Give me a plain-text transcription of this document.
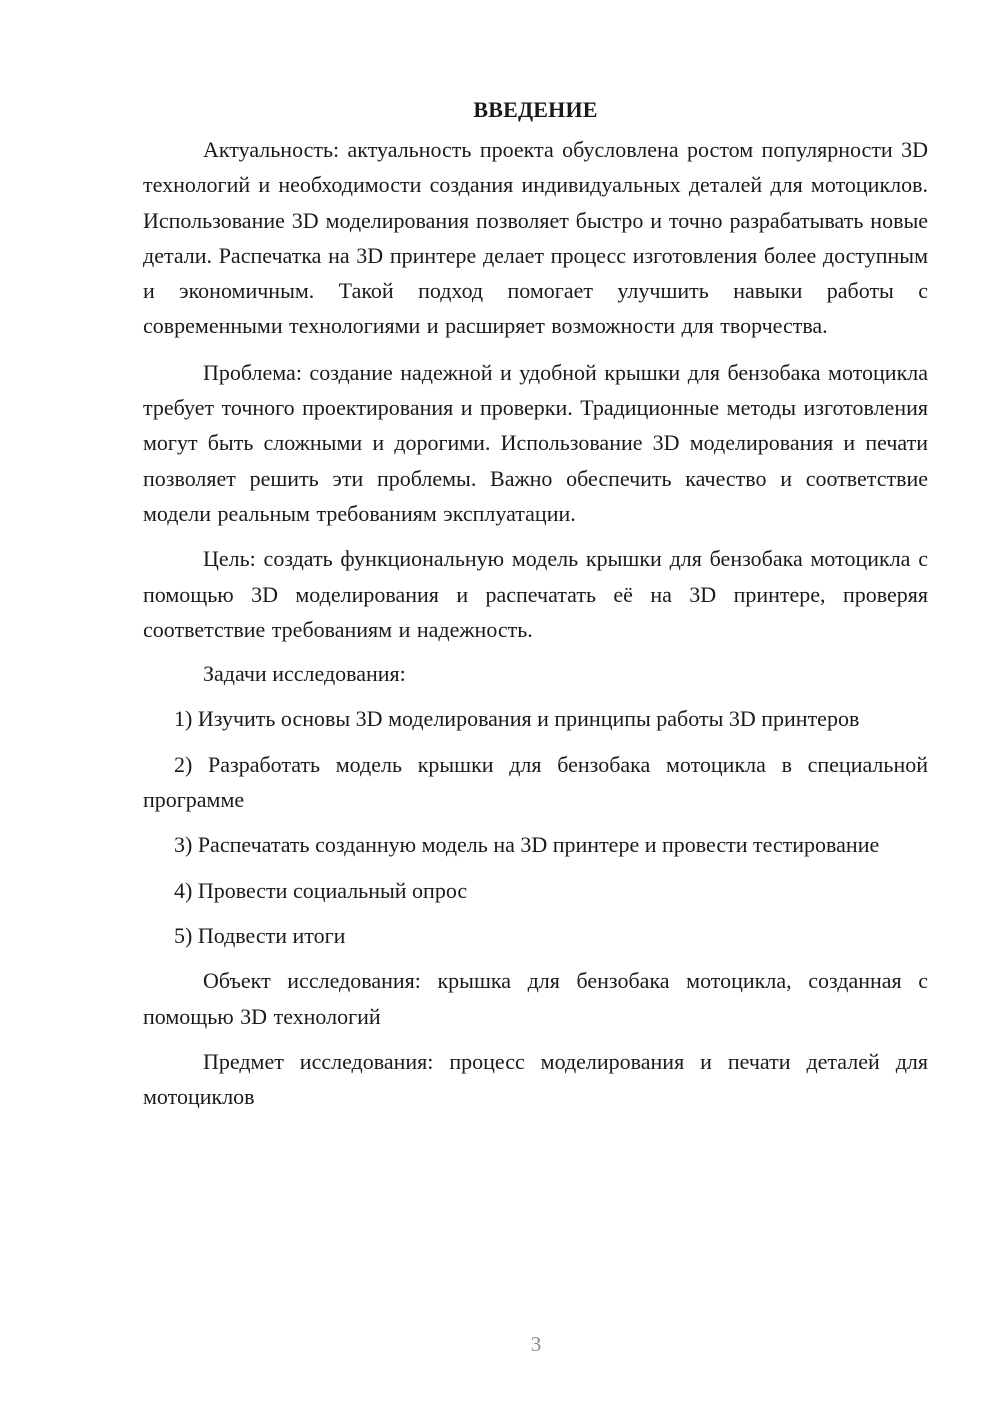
ВВЕДЕНИЕ

Актуальность: актуальность проекта обусловлена ростом популярности 3D технологий и необходимости создания индивидуальных деталей для мотоциклов. Использование 3D моделирования позволяет быстро и точно разрабатывать новые детали. Распечатка на 3D принтере делает процесс изготовления более доступным и экономичным. Такой подход помогает улучшить навыки работы с современными технологиями и расширяет возможности для творчества.

Проблема: создание надежной и удобной крышки для бензобака мотоцикла требует точного проектирования и проверки. Традиционные методы изготовления могут быть сложными и дорогими. Использование 3D моделирования и печати позволяет решить эти проблемы. Важно обеспечить качество и соответствие модели реальным требованиям эксплуатации.

Цель: создать функциональную модель крышки для бензобака мотоцикла с помощью 3D моделирования и распечатать её на 3D принтере, проверяя соответствие требованиям и надежность.

Задачи исследования:

1) Изучить основы 3D моделирования и принципы работы 3D принтеров

2) Разработать модель крышки для бензобака мотоцикла в специальной программе

3) Распечатать созданную модель на 3D принтере и провести тестирование

4) Провести социальный опрос

5) Подвести итоги

Объект исследования: крышка для бензобака мотоцикла, созданная с помощью 3D технологий

Предмет исследования: процесс моделирования и печати деталей для мотоциклов

3
